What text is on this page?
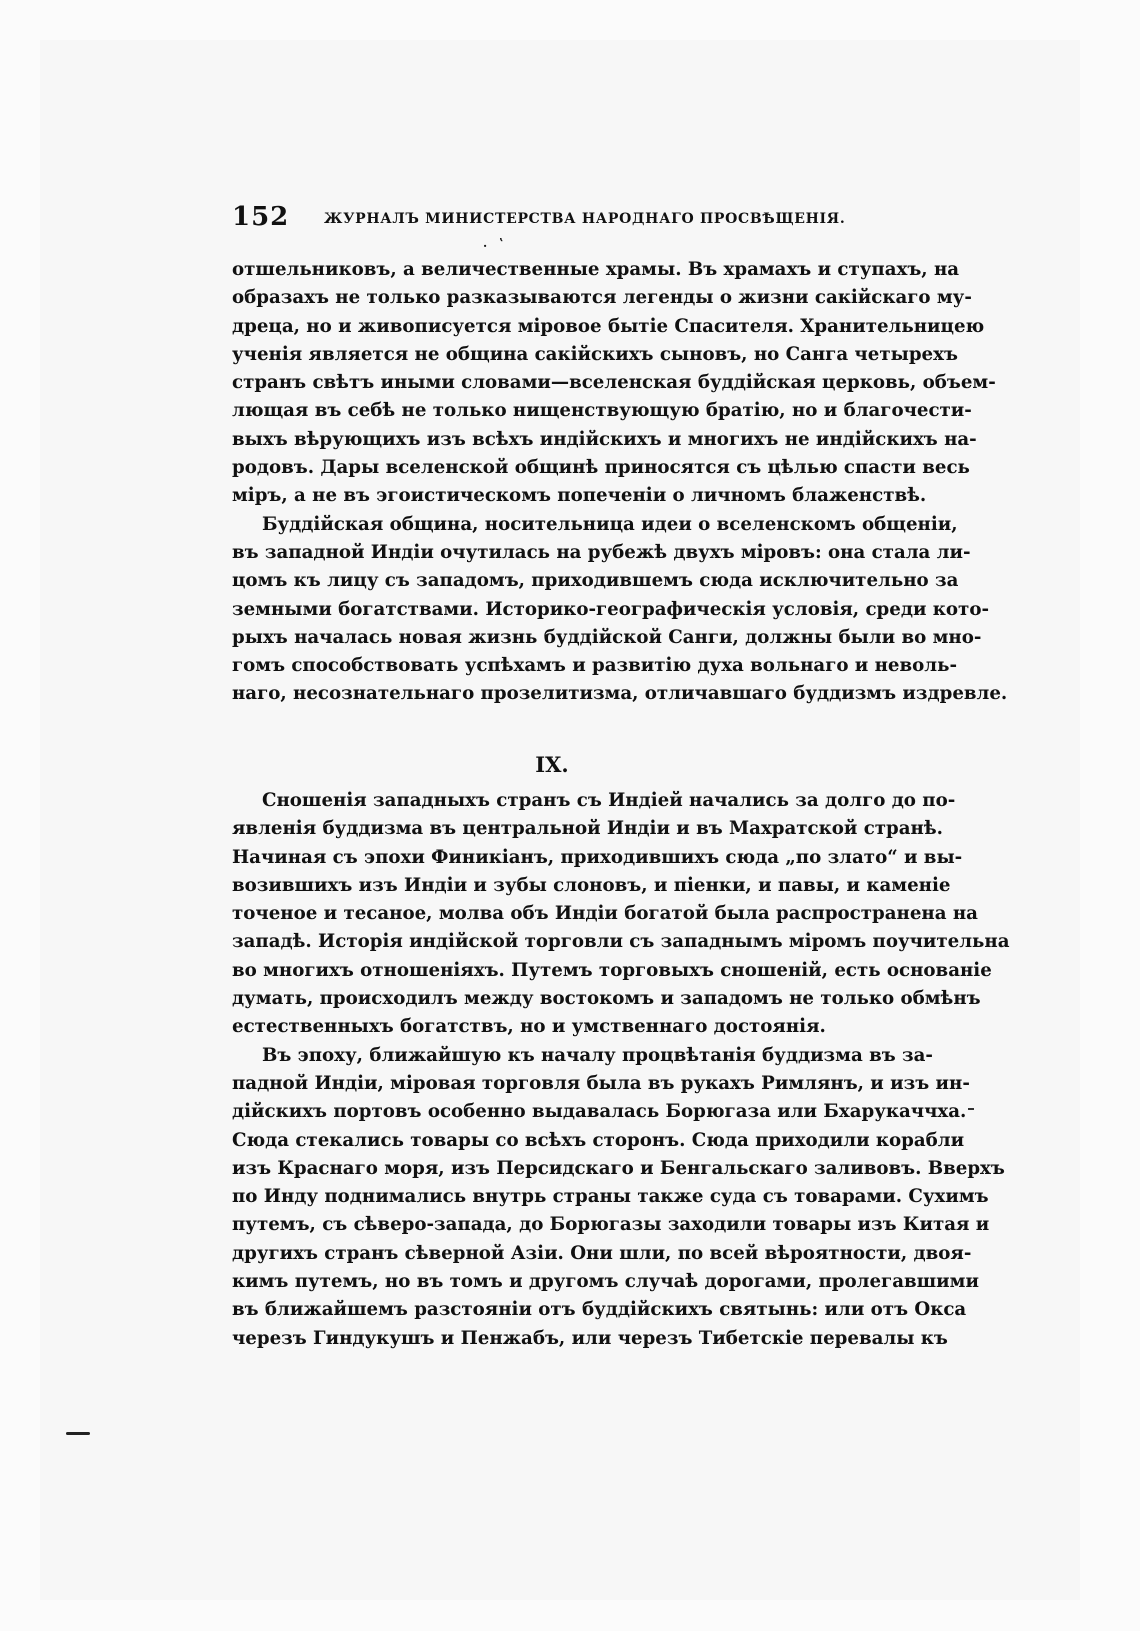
152 ЖУРНАЛЪ МИНИСТЕРСТВА НАРОДНАГО ПРОСВѢЩЕНІЯ.
. ‛

отшельниковъ, а величественные храмы. Въ храмахъ и ступахъ, на
образахъ не только разказываются легенды о жизни сакійскаго му-
дреца, но и живописуется міровое бытіе Спасителя. Хранительницею
ученія является не община сакійскихъ сыновъ, но Санга четырехъ
странъ свѣтъ иными словами—вселенская буддійская церковь, объем-
лющая въ себѣ не только нищенствующую братію, но и благочести-
выхъ вѣрующихъ изъ всѣхъ индійскихъ и многихъ не индійскихъ на-
родовъ. Дары вселенской общинѣ приносятся съ цѣлью спасти весь
міръ, а не въ эгоистическомъ попеченіи о личномъ блаженствѣ.

Буддійская община, носительница идеи о вселенскомъ общеніи,
въ западной Индіи очутилась на рубежѣ двухъ міровъ: она стала ли-
цомъ къ лицу съ западомъ, приходившемъ сюда исключительно за
земными богатствами. Историко-географическія условія, среди кото-
рыхъ началась новая жизнь буддійской Санги, должны были во мно-
гомъ способствовать успѣхамъ и развитію духа вольнаго и неволь-
наго, несознательнаго прозелитизма, отличавшаго буддизмъ издревле.

IX.

Сношенія западныхъ странъ съ Индіей начались за долго до по-
явленія буддизма въ центральной Индіи и въ Махратской странѣ.
Начиная съ эпохи Финикіанъ, приходившихъ сюда „по злато“ и вы-
возившихъ изъ Индіи и зубы слоновъ, и піенки, и павы, и каменіе
точеное и тесаное, молва объ Индіи богатой была распространена на
западѣ. Исторія индійской торговли съ западнымъ міромъ поучительна
во многихъ отношеніяхъ. Путемъ торговыхъ сношеній, есть основаніе
думать, происходилъ между востокомъ и западомъ не только обмѣнъ
естественныхъ богатствъ, но и умственнаго достоянія.

Въ эпоху, ближайшую къ началу процвѣтанія буддизма въ за-
падной Индіи, міровая торговля была въ рукахъ Римлянъ, и изъ ин-
дійскихъ портовъ особенно выдавалась Борюгаза или Бхарукаччха.
Сюда стекались товары со всѣхъ сторонъ. Сюда приходили корабли
изъ Краснаго моря, изъ Персидскаго и Бенгальскаго заливовъ. Вверхъ
по Инду поднимались внутрь страны также суда съ товарами. Сухимъ
путемъ, съ сѣверо-запада, до Борюгазы заходили товары изъ Китая и
другихъ странъ сѣверной Азіи. Они шли, по всей вѣроятности, двоя-
кимъ путемъ, но въ томъ и другомъ случаѣ дорогами, пролегавшими
въ ближайшемъ разстояніи отъ буддійскихъ святынь: или отъ Окса
черезъ Гиндукушъ и Пенжабъ, или черезъ Тибетскіе перевалы къ
